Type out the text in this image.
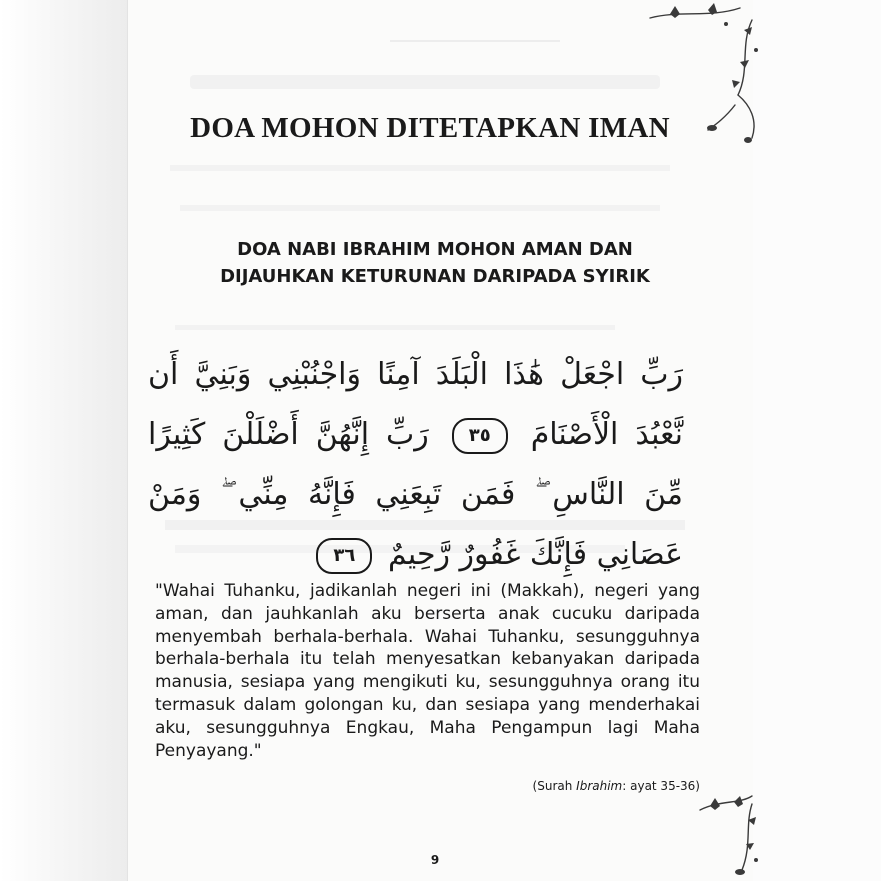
DOA MOHON DITETAPKAN IMAN
DOA NABI IBRAHIM MOHON AMAN DAN DIJAUHKAN KETURUNAN DARIPADA SYIRIK

رَبِّ اجْعَلْ هَٰذَا الْبَلَدَ آمِنًا وَاجْنُبْنِي وَبَنِيَّ أَن نَّعْبُدَ الْأَصْنَامَ ٣٥ رَبِّ إِنَّهُنَّ أَضْلَلْنَ كَثِيرًا مِّنَ النَّاسِ ۖ فَمَن تَبِعَنِي فَإِنَّهُ مِنِّي ۖ وَمَنْ عَصَانِي فَإِنَّكَ غَفُورٌ رَّحِيمٌ ٣٦

"Wahai Tuhanku, jadikanlah negeri ini (Makkah), negeri yang aman, dan jauhkanlah aku berserta anak cucuku daripada menyembah berhala-berhala. Wahai Tuhanku, sesungguhnya berhala-berhala itu telah menyesatkan kebanyakan daripada manusia, sesiapa yang mengikuti ku, sesungguhnya orang itu termasuk dalam golongan ku, dan sesiapa yang menderhakai aku, sesungguhnya Engkau, Maha Pengampun lagi Maha Penyayang."

(Surah Ibrahim: ayat 35-36)

9
